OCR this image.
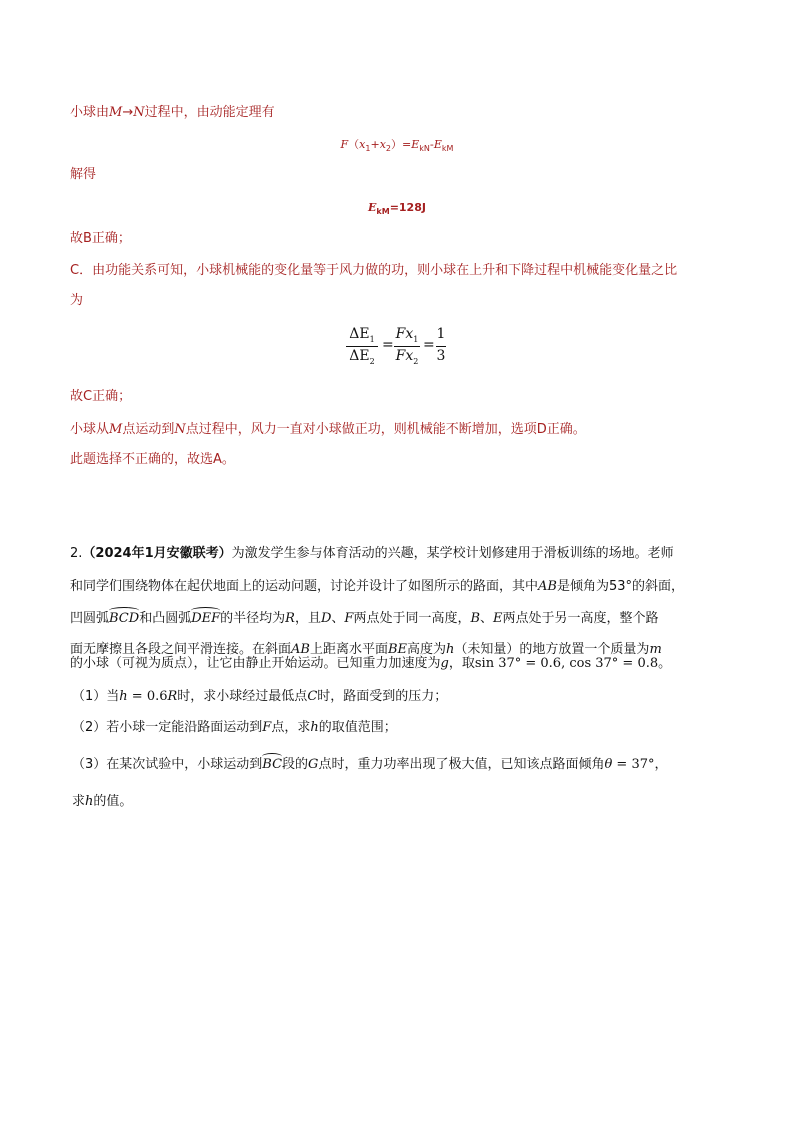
小球由M→N过程中，由动能定理有
$F(x_1+x_2)=E_{kN}-E_{kM}$
解得
$E_{kM}=128J$
故B正确；
C．由功能关系可知，小球机械能的变化量等于风力做的功，则小球在上升和下降过程中机械能变化量之比
为
$\Delta E_1$
$\Delta E_2$
=
$Fx_1$
$Fx_2$
=
1
3
故C正确；
小球从M点运动到N点过程中，风力一直对小球做正功，则机械能不断增加，选项D正确。
此题选择不正确的，故选A。
2.（2024年1月安徽联考）为激发学生参与体育活动的兴趣，某学校计划修建用于滑板训练的场地。老师
和同学们围绕物体在起伏地面上的运动问题，讨论并设计了如图所示的路面，其中AB是倾角为53°的斜面，
凹圆弧BCD和凸圆弧DEF的半径均为R，且D、F两点处于同一高度，B、E两点处于另一高度，整个路
面无摩擦且各段之间平滑连接。在斜面AB上距离水平面BE高度为h（未知量）的地方放置一个质量为m
的小球（可视为质点），让它由静止开始运动。已知重力加速度为g，取sin 37° = 0.6, cos 37° = 0.8。
（1）当h = 0.6R时，求小球经过最低点C时，路面受到的压力；
（2）若小球一定能沿路面运动到F点，求h的取值范围；
（3）在某次试验中，小球运动到BC段的G点时，重力功率出现了极大值，已知该点路面倾角θ = 37°，
求h的值。
